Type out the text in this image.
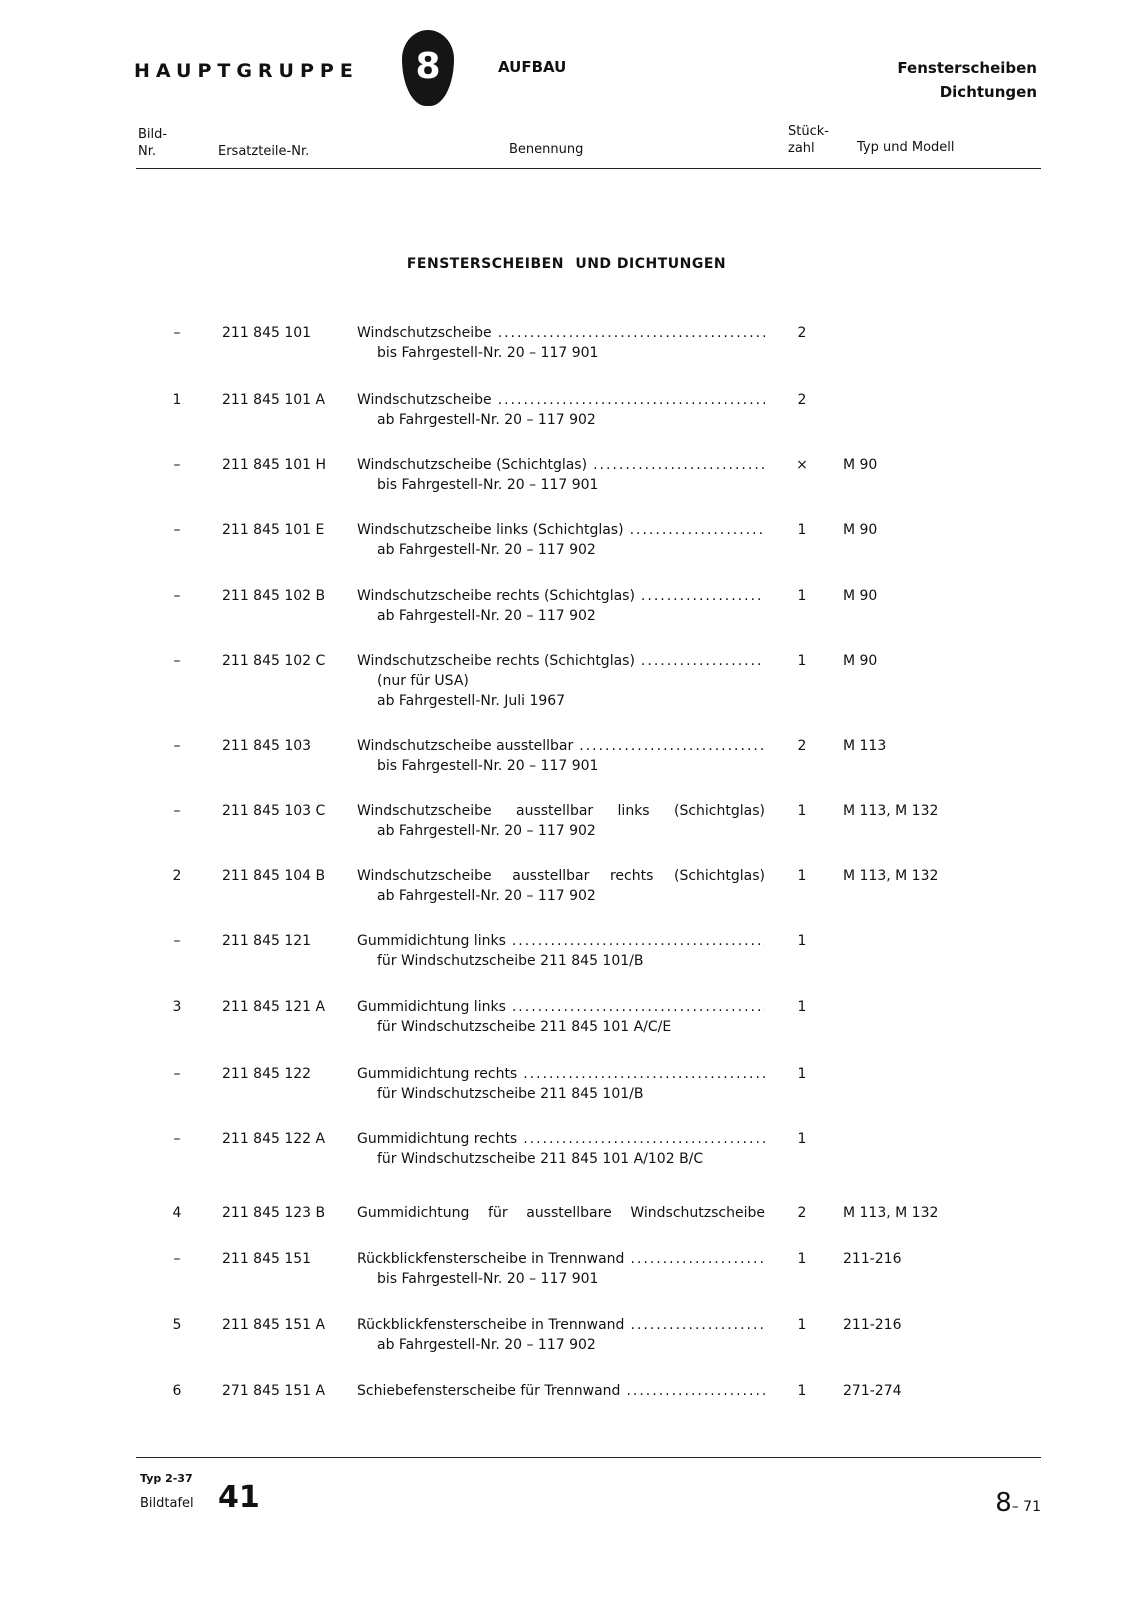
HAUPTGRUPPE 8	AUFBAU	Fensterscheiben
Dichtungen
Bild-
Nr.	Ersatzteile-Nr.	Benennung
Stück-
zahl	Typ und Modell
FENSTERSCHEIBEN UND DICHTUNGEN
–	211 845 101	Windschutzscheibe
.....
bis Fahrgestell-Nr. 20 – 117 901
2
1	211 845 101 A Windschutzscheibe
.....
ab Fahrgestell-Nr. 20 – 117 902
2
–	211 845 101 H Windschutzscheibe (Schichtglas)
.....
bis Fahrgestell-Nr. 20 – 117 901
×	M 90
–	211 845 101 E Windschutzscheibe links (Schichtglas)
.....
ab Fahrgestell-Nr. 20 – 117 902
1	M 90
–	211 845 102 B Windschutzscheibe rechts (Schichtglas)
.....
ab Fahrgestell-Nr. 20 – 117 902
1	M 90
–	211 845 102 C Windschutzscheibe rechts (Schichtglas)
.....
(nur für USA)
ab Fahrgestell-Nr. Juli 1967
1	M 90
–	211 845 103	Windschutzscheibe ausstellbar
.....
bis Fahrgestell-Nr. 20 – 117 901
2	M 113
–	211 845 103 C Windschutzscheibe ausstellbar links (Schichtglas)
ab Fahrgestell-Nr. 20 – 117 902
1	M 113, M 132
2	211 845 104 B Windschutzscheibe ausstellbar rechts (Schichtglas)
ab Fahrgestell-Nr. 20 – 117 902
1	M 113, M 132
–	211 845 121	Gummidichtung links
.....
für Windschutzscheibe 211 845 101/B
1
3	211 845 121 A Gummidichtung links
.....
für Windschutzscheibe 211 845 101 A/C/E
1
–	211 845 122	Gummidichtung rechts
.....
für Windschutzscheibe 211 845 101/B
1
–	211 845 122 A Gummidichtung rechts
.....
für Windschutzscheibe 211 845 101 A/102 B/C
1
4	211 845 123 B Gummidichtung für ausstellbare Windschutzscheibe	2	M 113, M 132
–	211 845 151	Rückblickfensterscheibe in Trennwand
.....
bis Fahrgestell-Nr. 20 – 117 901
1	211-216
5	211 845 151 A Rückblickfensterscheibe in Trennwand
.....
ab Fahrgestell-Nr. 20 – 117 902
1	211-216
6	271 845 151 A Schiebefensterscheibe für Trennwand
.....	1	271-274
Typ 2-37
Bildtafel 41	8– 71
